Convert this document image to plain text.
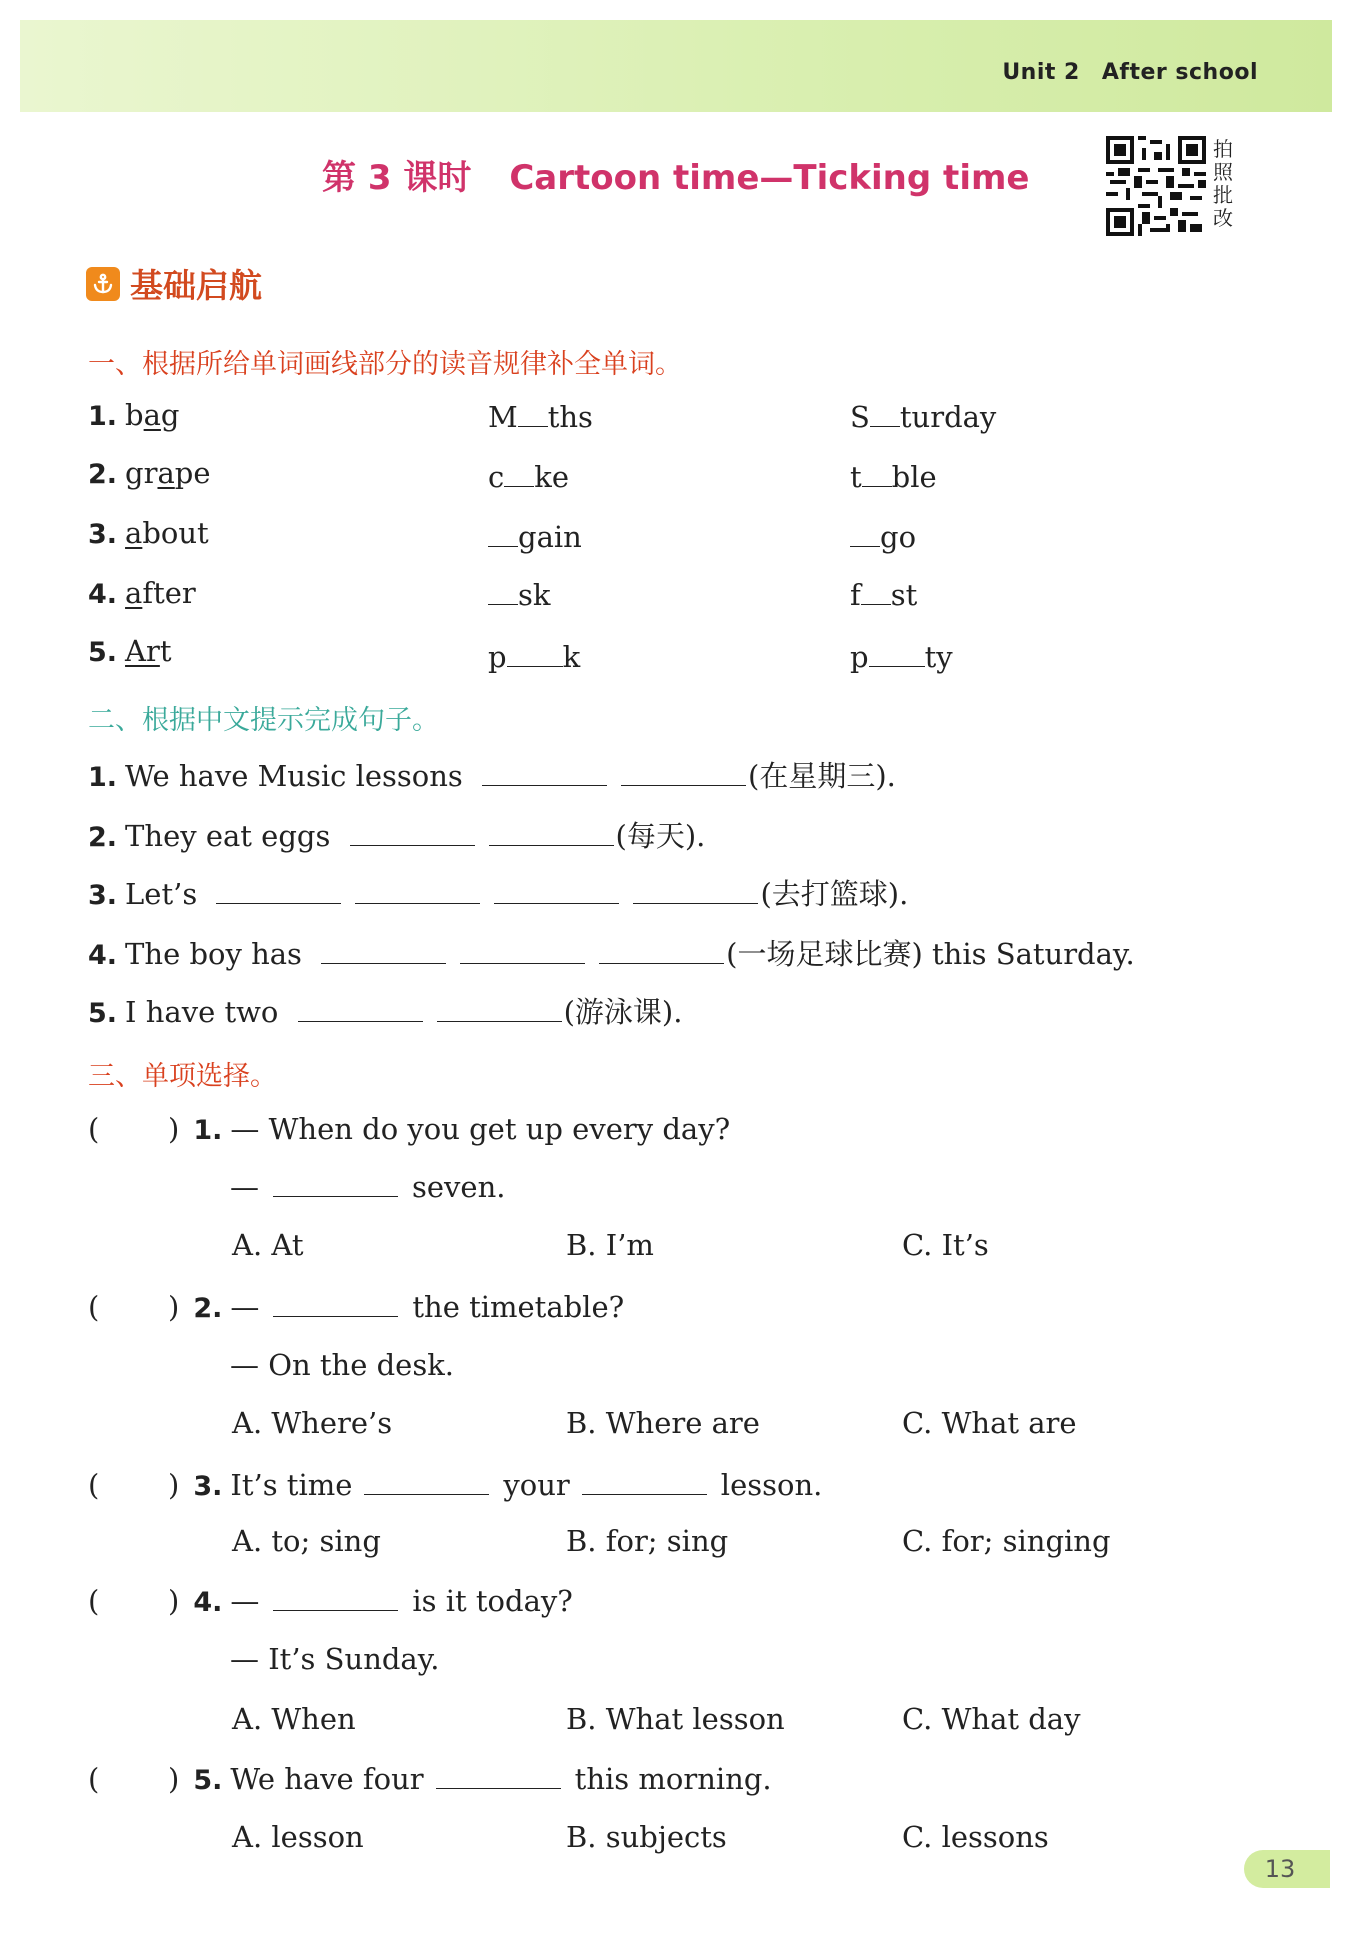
Unit 2 After school
第 3 课时 Cartoon time—Ticking time
拍
照
批
改
基础启航
一、根据所给单词画线部分的读音规律补全单词。
1. bag	M ths	S turday
2. grape	c ke	t ble
3. about	gain	go
4. after	sk	f st
5. Art	p k	p ty
二、根据中文提示完成句子。
1. We have Music lessons	(在星期三).
2. They eat eggs	(每天).
3. Let’s	(去打篮球).
4. The boy has	(一场足球比赛) this Saturday.
5. I have two	(游泳课).
三、单项选择。
( ) 1. — When do you get up every day?
—	seven.
A. At	B. I’m	C. It’s
( ) 2. —	the timetable?
— On the desk.
A. Where’s	B. Where are	C. What are
( ) 3. It’s time	your	lesson.
A. to; sing	B. for; sing	C. for; singing
( ) 4. —	is it today?
— It’s Sunday.
A. When	B. What lesson	C. What day
( ) 5. We have four	this morning.
A. lesson	B. subjects	C. lessons
13
